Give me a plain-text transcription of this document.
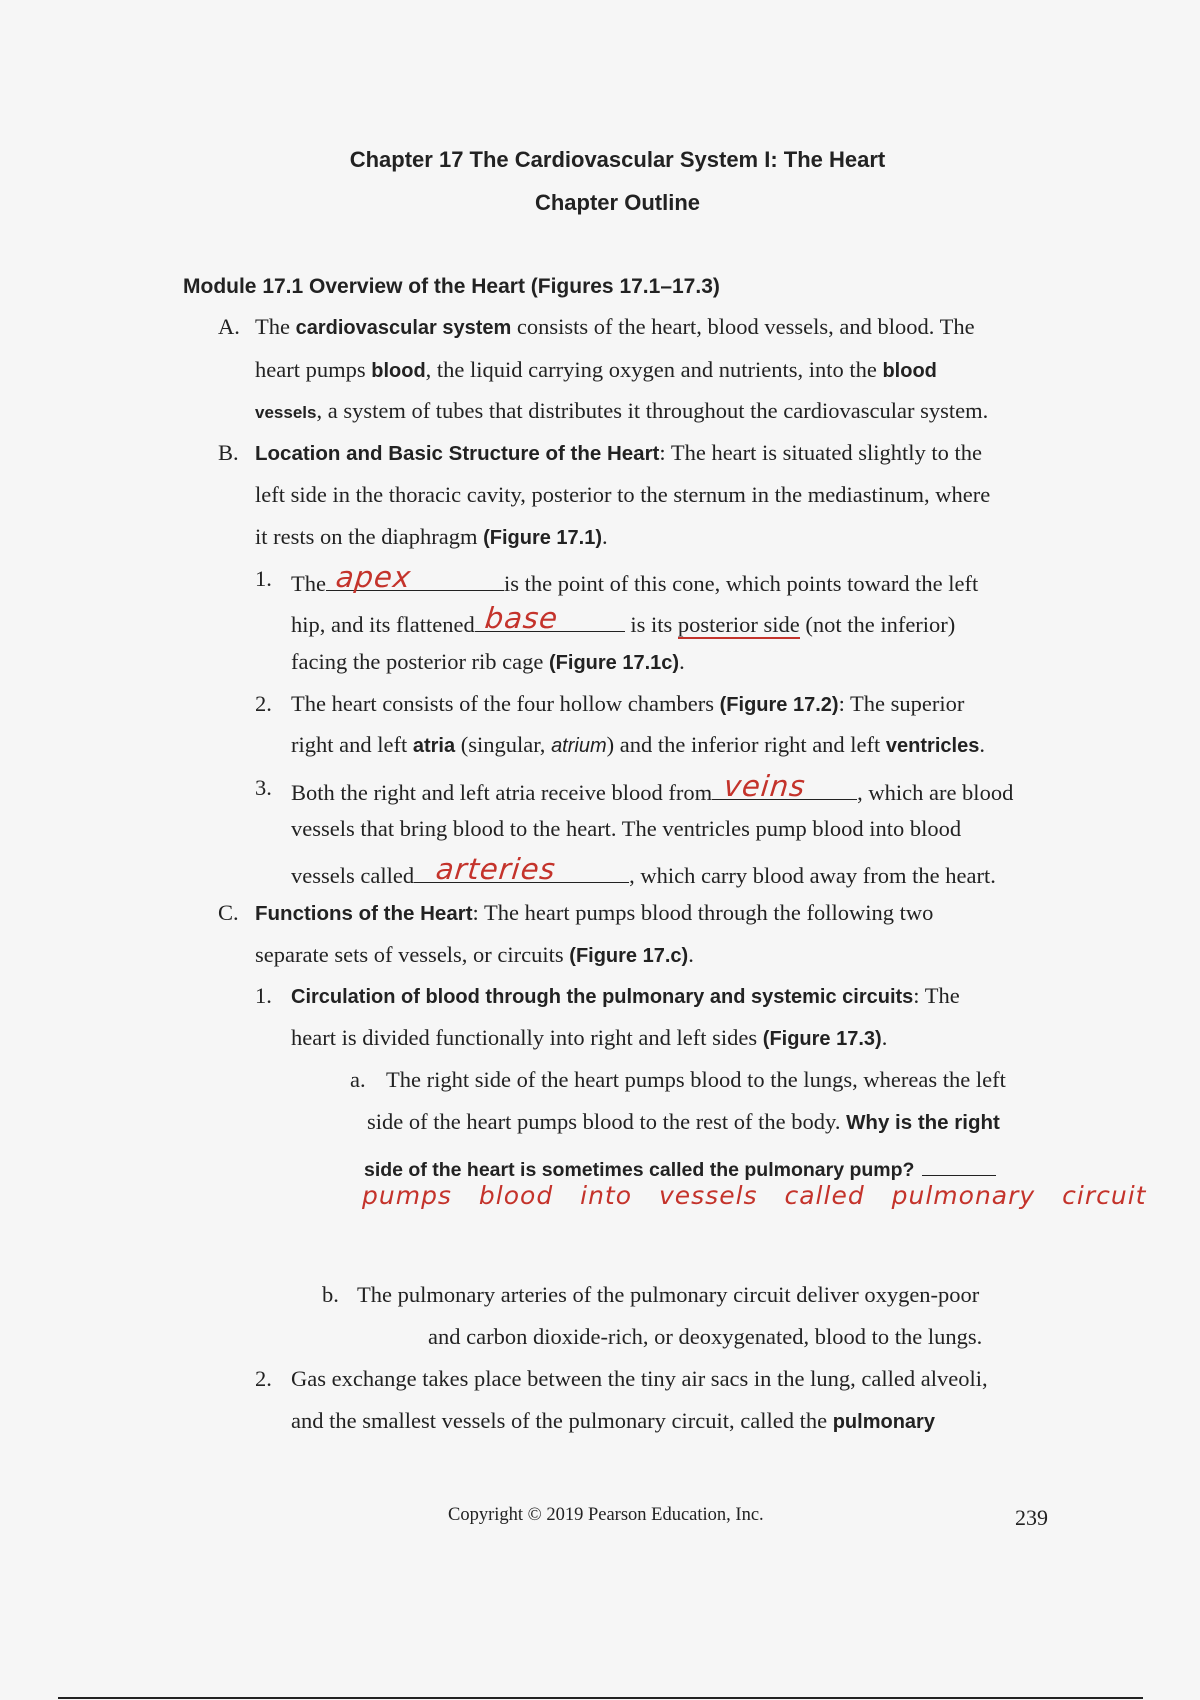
Chapter 17 The Cardiovascular System I: The Heart
Chapter Outline
Module 17.1 Overview of the Heart (Figures 17.1–17.3)
A. The cardiovascular system consists of the heart, blood vessels, and blood. The
heart pumps blood, the liquid carrying oxygen and nutrients, into the blood
vessels, a system of tubes that distributes it throughout the cardiovascular system.
B. Location and Basic Structure of the Heart: The heart is situated slightly to the
left side in the thoracic cavity, posterior to the sternum in the mediastinum, where
it rests on the diaphragm (Figure 17.1).
1. The apex	is the point of this cone, which points toward the left
hip, and its flattened base	is its posterior side (not the inferior)
facing the posterior rib cage (Figure 17.1c).
2. The heart consists of the four hollow chambers (Figure 17.2): The superior
right and left atria (singular, atrium) and the inferior right and left ventricles.
3. Both the right and left atria receive blood from veins , which are blood
vessels that bring blood to the heart. The ventricles pump blood into blood
vessels called arteries	, which carry blood away from the heart.
C. Functions of the Heart: The heart pumps blood through the following two
separate sets of vessels, or circuits (Figure 17.c).
1. Circulation of blood through the pulmonary and systemic circuits: The
heart is divided functionally into right and left sides (Figure 17.3).
a. The right side of the heart pumps blood to the lungs, whereas the left
side of the heart pumps blood to the rest of the body. Why is the right
side of the heart is sometimes called the pulmonary pump?
pumps blood into vessels called pulmonary circuit
b. The pulmonary arteries of the pulmonary circuit deliver oxygen-poor
and carbon dioxide-rich, or deoxygenated, blood to the lungs.
2. Gas exchange takes place between the tiny air sacs in the lung, called alveoli,
and the smallest vessels of the pulmonary circuit, called the pulmonary
Copyright © 2019 Pearson Education, Inc.	239
